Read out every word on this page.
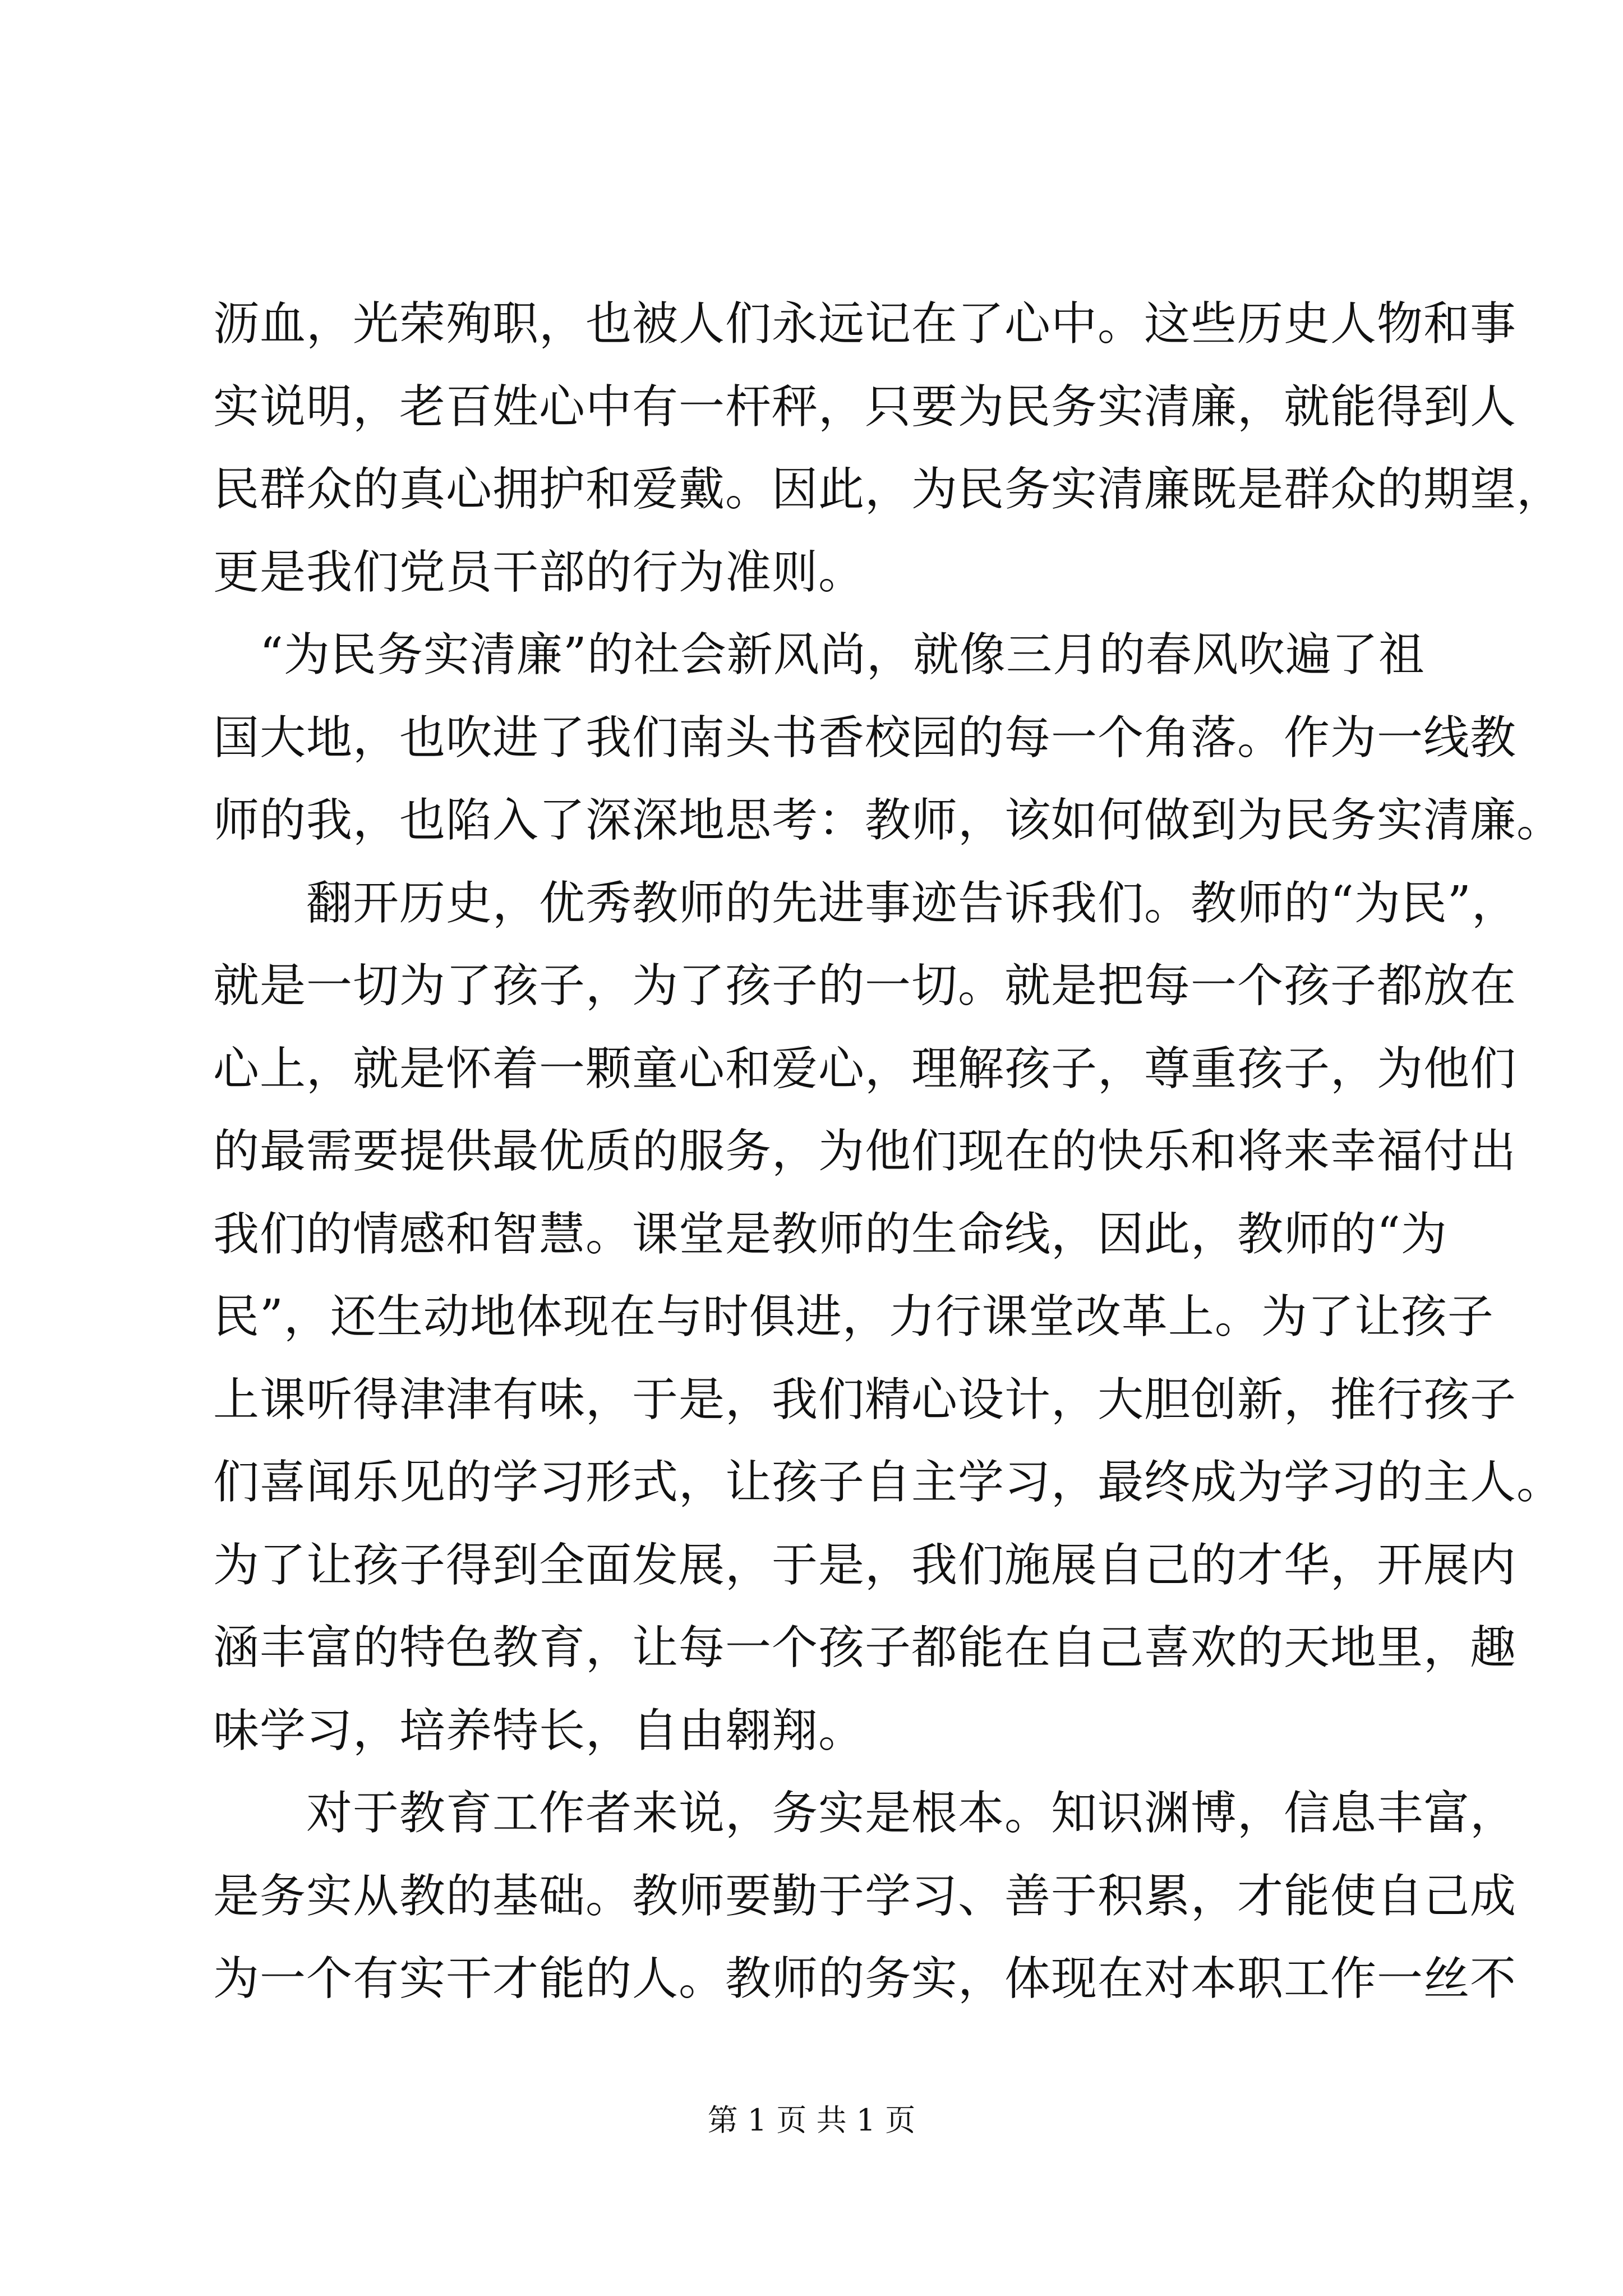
沥血，光荣殉职，也被人们永远记在了心中。这些历史人物和事
实说明，老百姓心中有一杆秤，只要为民务实清廉，就能得到人
民群众的真心拥护和爱戴。因此，为民务实清廉既是群众的期望，
更是我们党员干部的行为准则。
　“为民务实清廉”的社会新风尚，就像三月的春风吹遍了祖
国大地，也吹进了我们南头书香校园的每一个角落。作为一线教
师的我，也陷入了深深地思考：教师，该如何做到为民务实清廉。
　　翻开历史，优秀教师的先进事迹告诉我们。教师的“为民”，
就是一切为了孩子，为了孩子的一切。就是把每一个孩子都放在
心上，就是怀着一颗童心和爱心，理解孩子，尊重孩子，为他们
的最需要提供最优质的服务，为他们现在的快乐和将来幸福付出
我们的情感和智慧。课堂是教师的生命线，因此，教师的“为
民”，还生动地体现在与时俱进，力行课堂改革上。为了让孩子
上课听得津津有味，于是，我们精心设计，大胆创新，推行孩子
们喜闻乐见的学习形式，让孩子自主学习，最终成为学习的主人。
为了让孩子得到全面发展，于是，我们施展自己的才华，开展内
涵丰富的特色教育，让每一个孩子都能在自己喜欢的天地里，趣
味学习，培养特长，自由翱翔。
　　对于教育工作者来说，务实是根本。知识渊博，信息丰富，
是务实从教的基础。教师要勤于学习、善于积累，才能使自己成
为一个有实干才能的人。教师的务实，体现在对本职工作一丝不
第 1 页 共 1 页
